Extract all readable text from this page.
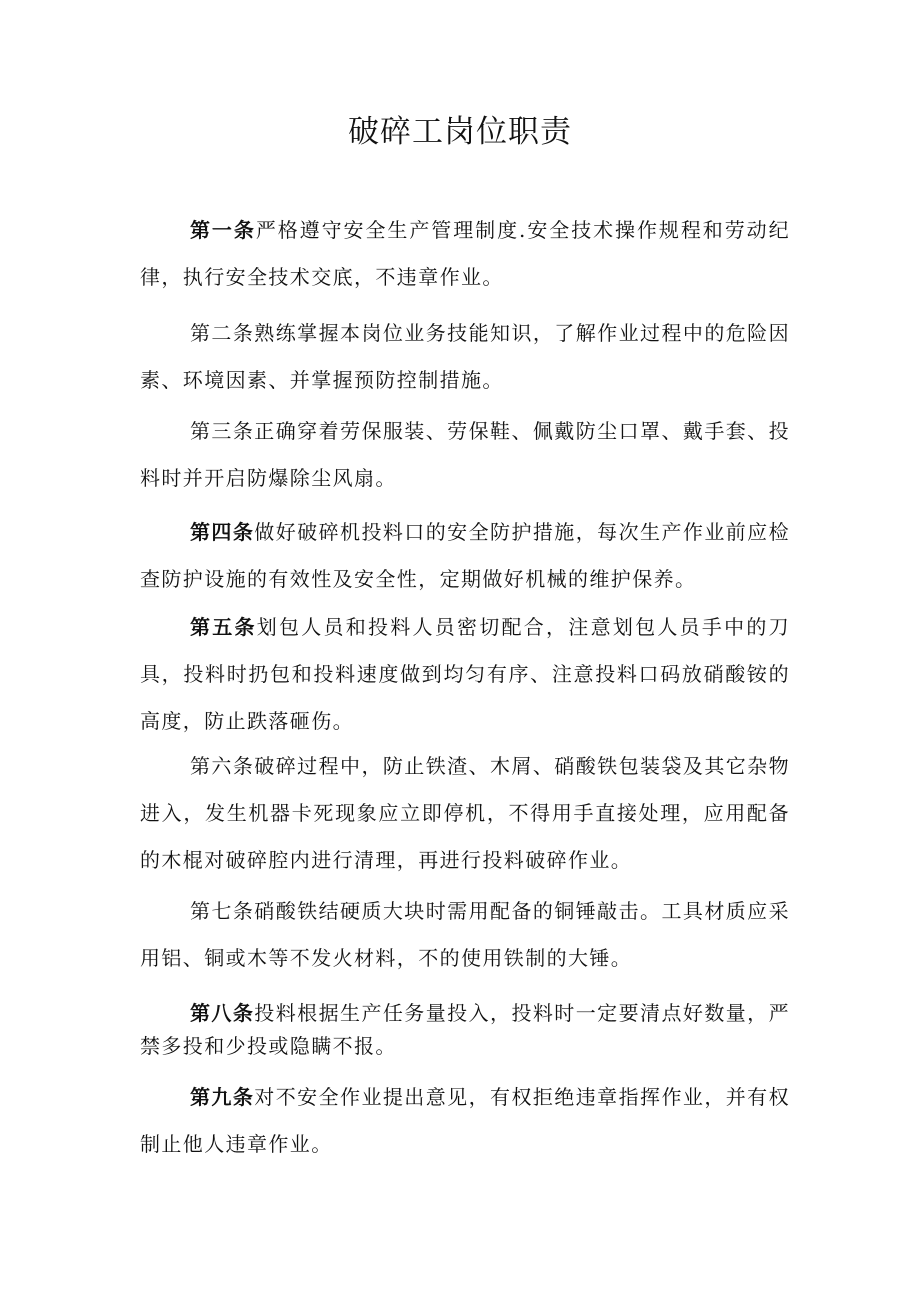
破碎工岗位职责

第一条严格遵守安全生产管理制度.安全技术操作规程和劳动纪律，执行安全技术交底，不违章作业。

第二条熟练掌握本岗位业务技能知识，了解作业过程中的危险因素、环境因素、并掌握预防控制措施。

第三条正确穿着劳保服装、劳保鞋、佩戴防尘口罩、戴手套、投料时并开启防爆除尘风扇。

第四条做好破碎机投料口的安全防护措施，每次生产作业前应检查防护设施的有效性及安全性，定期做好机械的维护保养。

第五条划包人员和投料人员密切配合，注意划包人员手中的刀具，投料时扔包和投料速度做到均匀有序、注意投料口码放硝酸铵的高度，防止跌落砸伤。

第六条破碎过程中，防止铁渣、木屑、硝酸铁包装袋及其它杂物进入，发生机器卡死现象应立即停机，不得用手直接处理，应用配备的木棍对破碎腔内进行清理，再进行投料破碎作业。

第七条硝酸铁结硬质大块时需用配备的铜锤敲击。工具材质应采用铝、铜或木等不发火材料，不的使用铁制的大锤。

第八条投料根据生产任务量投入，投料时一定要清点好数量，严禁多投和少投或隐瞒不报。

第九条对不安全作业提出意见，有权拒绝违章指挥作业，并有权制止他人违章作业。
